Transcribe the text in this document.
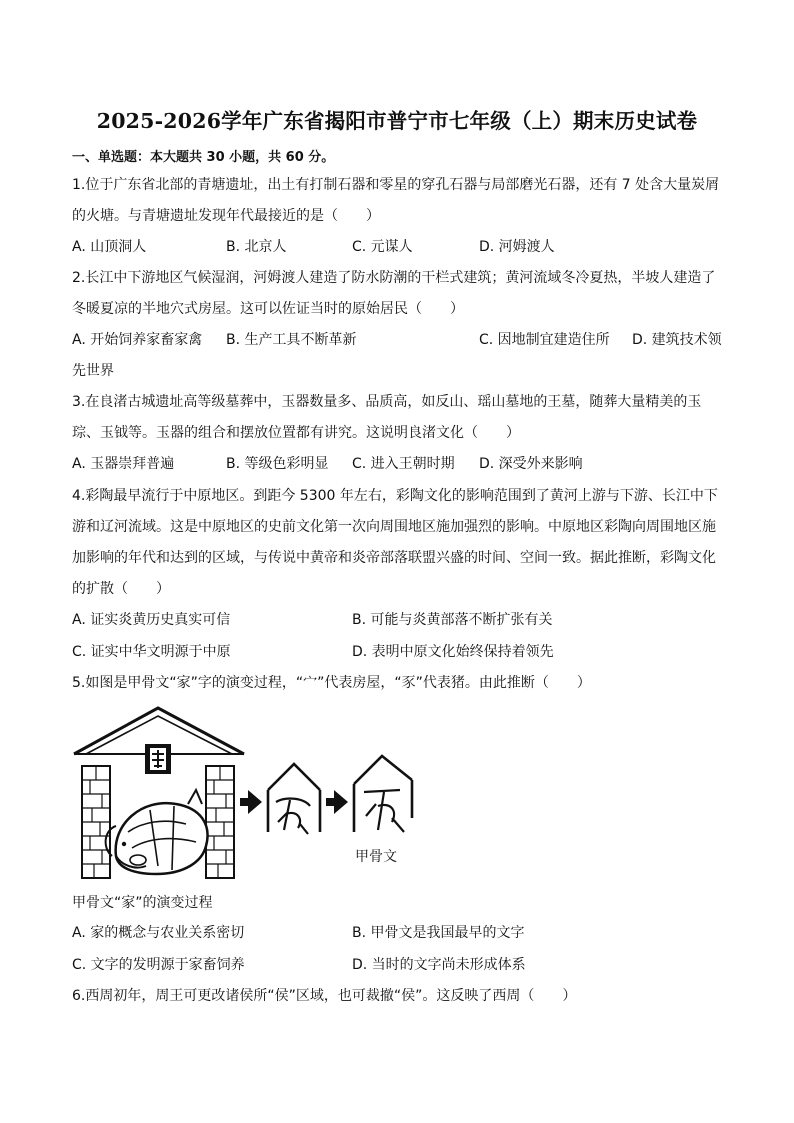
2025-2026学年广东省揭阳市普宁市七年级（上）期末历史试卷
一、单选题：本大题共 30 小题，共 60 分。
1.位于广东省北部的青塘遗址，出土有打制石器和零星的穿孔石器与局部磨光石器，还有 7 处含大量炭屑
的火塘。与青塘遗址发现年代最接近的是（　　）
A. 山顶洞人	B. 北京人	C. 元谋人	D. 河姆渡人
2.长江中下游地区气候湿润，河姆渡人建造了防水防潮的干栏式建筑；黄河流域冬冷夏热，半坡人建造了
冬暖夏凉的半地穴式房屋。这可以佐证当时的原始居民（　　）
A. 开始饲养家畜家禽 B. 生产工具不断革新	C. 因地制宜建造住所 D. 建筑技术领
先世界
3.在良渚古城遗址高等级墓葬中，玉器数量多、品质高，如反山、瑶山墓地的王墓，随葬大量精美的玉
琮、玉钺等。玉器的组合和摆放位置都有讲究。这说明良渚文化（　　）
A. 玉器崇拜普遍	B. 等级色彩明显 C. 进入王朝时期 D. 深受外来影响
4.彩陶最早流行于中原地区。到距今 5300 年左右，彩陶文化的影响范围到了黄河上游与下游、长江中下
游和辽河流域。这是中原地区的史前文化第一次向周围地区施加强烈的影响。中原地区彩陶向周围地区施
加影响的年代和达到的区域，与传说中黄帝和炎帝部落联盟兴盛的时间、空间一致。据此推断，彩陶文化
的扩散（　　）
A. 证实炎黄历史真实可信	B. 可能与炎黄部落不断扩张有关
C. 证实中华文明源于中原	D. 表明中原文化始终保持着领先
5.如图是甲骨文“家”字的演变过程，“宀”代表房屋，“豕”代表猪。由此推断（　　）
甲骨文
甲骨文“家”的演变过程
A. 家的概念与农业关系密切	B. 甲骨文是我国最早的文字
C. 文字的发明源于家畜饲养	D. 当时的文字尚未形成体系
6.西周初年，周王可更改诸侯所“侯”区域，也可裁撤“侯”。这反映了西周（　　）
